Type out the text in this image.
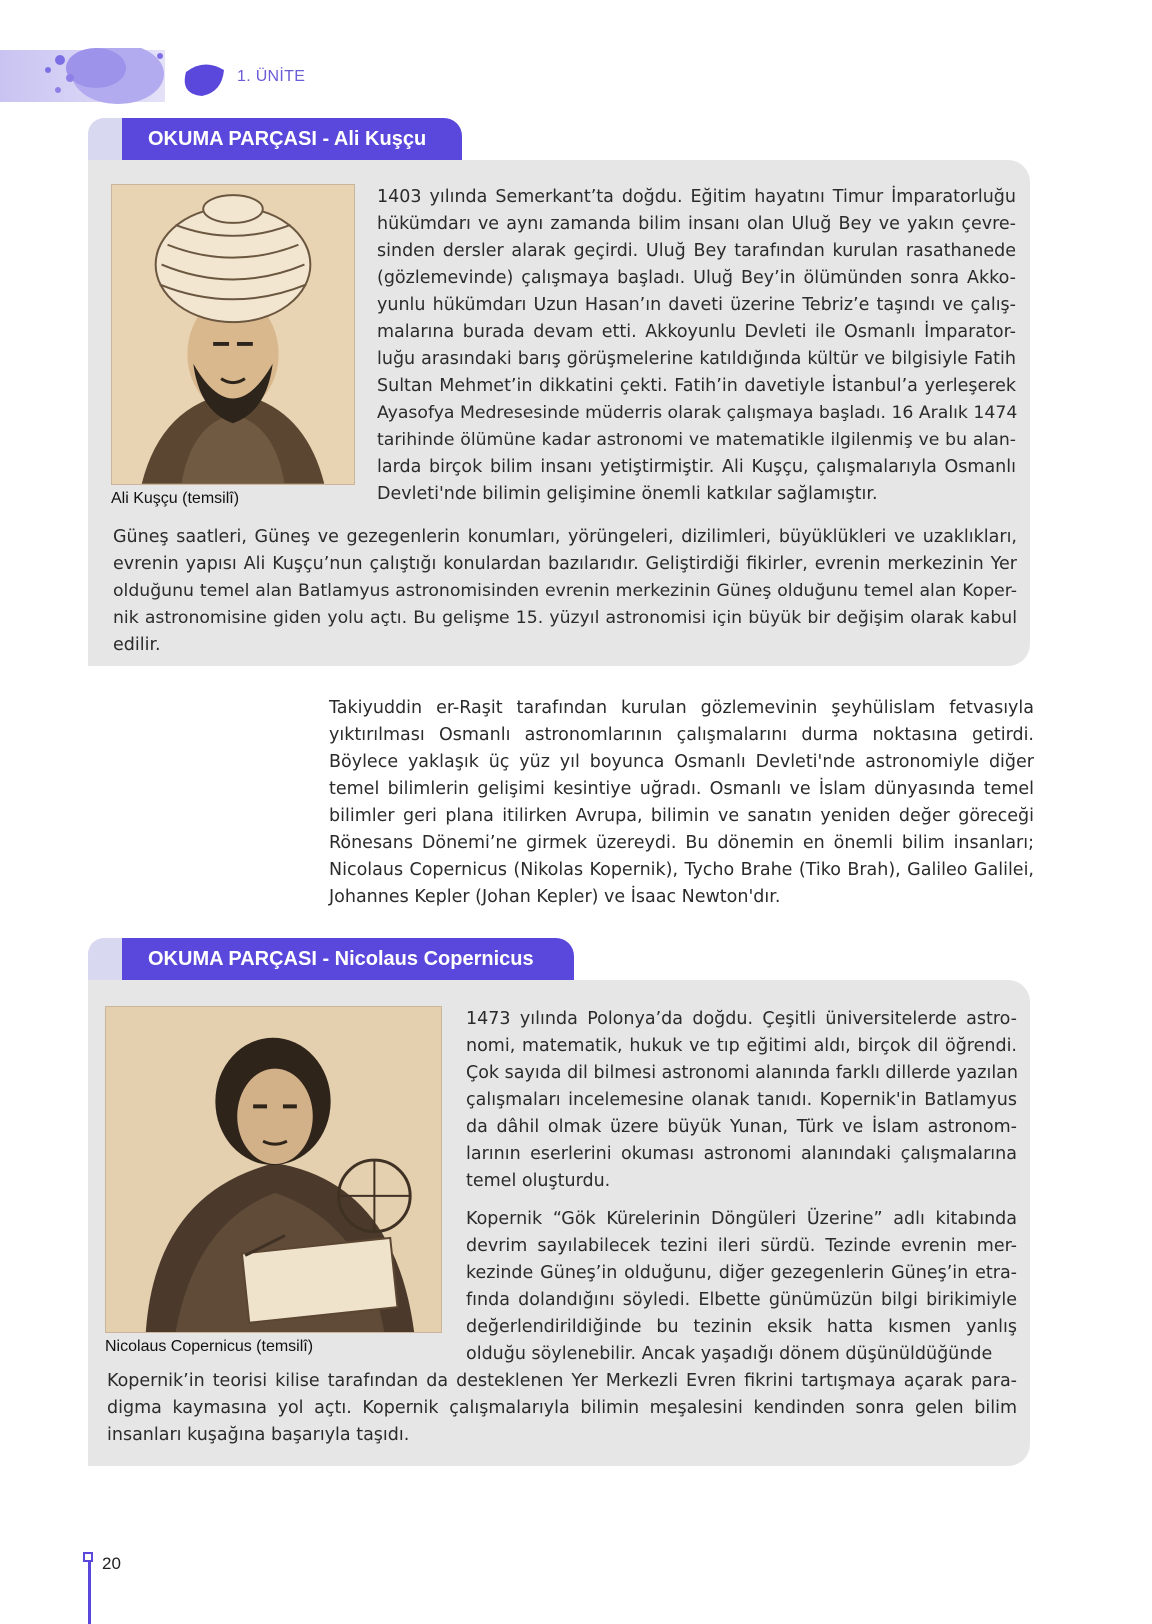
1. ÜNİTE
OKUMA PARÇASI - Ali Kuşçu
Ali Kuşçu (temsilî)
1403 yılında Semerkant’ta doğdu. Eğitim hayatını Timur İmparatorluğu
hükümdarı ve aynı zamanda bilim insanı olan Uluğ Bey ve yakın çevre-
sinden dersler alarak geçirdi. Uluğ Bey tarafından kurulan rasathanede
(gözlemevinde) çalışmaya başladı. Uluğ Bey’in ölümünden sonra Akko-
yunlu hükümdarı Uzun Hasan’ın daveti üzerine Tebriz’e taşındı ve çalış-
malarına burada devam etti. Akkoyunlu Devleti ile Osmanlı İmparator-
luğu arasındaki barış görüşmelerine katıldığında kültür ve bilgisiyle Fatih
Sultan Mehmet’in dikkatini çekti. Fatih’in davetiyle İstanbul’a yerleşerek
Ayasofya Medresesinde müderris olarak çalışmaya başladı. 16 Aralık 1474
tarihinde ölümüne kadar astronomi ve matematikle ilgilenmiş ve bu alan-
larda birçok bilim insanı yetiştirmiştir. Ali Kuşçu, çalışmalarıyla Osmanlı
Devleti'nde bilimin gelişimine önemli katkılar sağlamıştır.
Güneş saatleri, Güneş ve gezegenlerin konumları, yörüngeleri, dizilimleri, büyüklükleri ve uzaklıkları,
evrenin yapısı Ali Kuşçu’nun çalıştığı konulardan bazılarıdır. Geliştirdiği fikirler, evrenin merkezinin Yer
olduğunu temel alan Batlamyus astronomisinden evrenin merkezinin Güneş olduğunu temel alan Koper-
nik astronomisine giden yolu açtı. Bu gelişme 15. yüzyıl astronomisi için büyük bir değişim olarak kabul
edilir.
Takiyuddin er-Raşit tarafından kurulan gözlemevinin şeyhülislam fetvasıyla
yıktırılması Osmanlı astronomlarının çalışmalarını durma noktasına getirdi.
Böylece yaklaşık üç yüz yıl boyunca Osmanlı Devleti'nde astronomiyle diğer
temel bilimlerin gelişimi kesintiye uğradı. Osmanlı ve İslam dünyasında temel
bilimler geri plana itilirken Avrupa, bilimin ve sanatın yeniden değer göreceği
Rönesans Dönemi’ne girmek üzereydi. Bu dönemin en önemli bilim insanları;
Nicolaus Copernicus (Nikolas Kopernik), Tycho Brahe (Tiko Brah), Galileo Galilei,
Johannes Kepler (Johan Kepler) ve İsaac Newton'dır.
OKUMA PARÇASI - Nicolaus Copernicus
Nicolaus Copernicus (temsilî)
1473 yılında Polonya’da doğdu. Çeşitli üniversitelerde astro-
nomi, matematik, hukuk ve tıp eğitimi aldı, birçok dil öğrendi.
Çok sayıda dil bilmesi astronomi alanında farklı dillerde yazılan
çalışmaları incelemesine olanak tanıdı. Kopernik'in Batlamyus
da dâhil olmak üzere büyük Yunan, Türk ve İslam astronom-
larının eserlerini okuması astronomi alanındaki çalışmalarına
temel oluşturdu.
Kopernik “Gök Kürelerinin Döngüleri Üzerine” adlı kitabında
devrim sayılabilecek tezini ileri sürdü. Tezinde evrenin mer-
kezinde Güneş’in olduğunu, diğer gezegenlerin Güneş’in etra-
fında dolandığını söyledi. Elbette günümüzün bilgi birikimiyle
değerlendirildiğinde bu tezinin eksik hatta kısmen yanlış
olduğu söylenebilir. Ancak yaşadığı dönem düşünüldüğünde
Kopernik’in teorisi kilise tarafından da desteklenen Yer Merkezli Evren fikrini tartışmaya açarak para-
digma kaymasına yol açtı. Kopernik çalışmalarıyla bilimin meşalesini kendinden sonra gelen bilim
insanları kuşağına başarıyla taşıdı.
20
